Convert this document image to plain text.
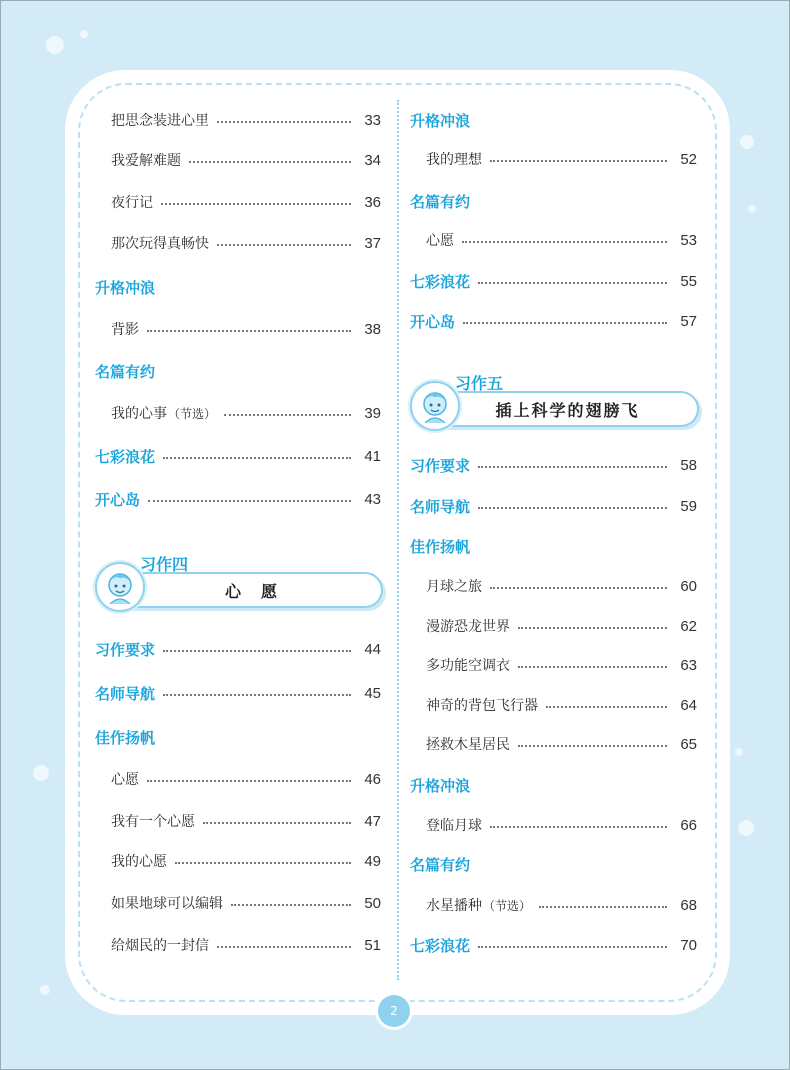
把思念装进心里	33
我爱解难题	34
夜行记	36
那次玩得真畅快	37
升格冲浪
背影	38
名篇有约
我的心事（节选）	39
七彩浪花	41
开心岛	43
心　愿
习作四
习作要求	44
名师导航	45
佳作扬帆
心愿	46
我有一个心愿	47
我的心愿	49
如果地球可以编辑	50
给烟民的一封信	51
升格冲浪
我的理想	52
名篇有约
心愿	53
七彩浪花	55
开心岛	57
插上科学的翅膀飞
习作五
习作要求	58
名师导航	59
佳作扬帆
月球之旅	60
漫游恐龙世界	62
多功能空调衣	63
神奇的背包飞行器	64
拯救木星居民	65
升格冲浪
登临月球	66
名篇有约
水星播种（节选）	68
七彩浪花	70
2
